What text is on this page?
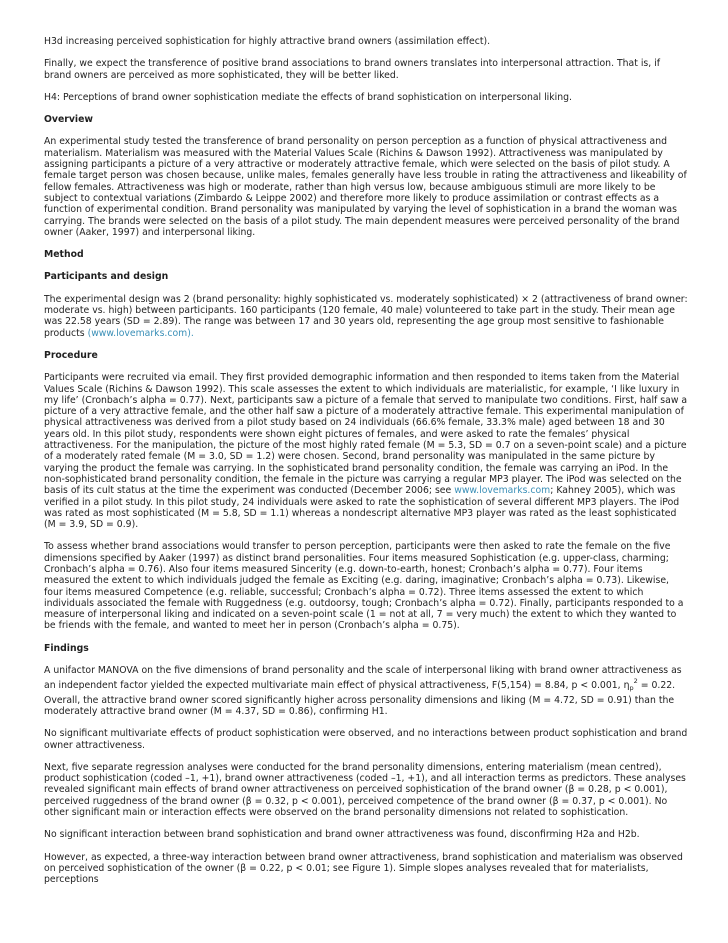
H3d increasing perceived sophistication for highly attractive brand owners (assimilation effect).

Finally, we expect the transference of positive brand associations to brand owners translates into interpersonal attraction. That is, if brand owners are perceived as more sophisticated, they will be better liked.

H4: Perceptions of brand owner sophistication mediate the effects of brand sophistication on interpersonal liking.

Overview

An experimental study tested the transference of brand personality on person perception as a function of physical attractiveness and materialism. Materialism was measured with the Material Values Scale (Richins & Dawson 1992). Attractiveness was manipulated by assigning participants a picture of a very attractive or moderately attractive female, which were selected on the basis of pilot study. A female target person was chosen because, unlike males, females generally have less trouble in rating the attractiveness and likeability of fellow females. Attractiveness was high or moderate, rather than high versus low, because ambiguous stimuli are more likely to be subject to contextual variations (Zimbardo & Leippe 2002) and therefore more likely to produce assimilation or contrast effects as a function of experimental condition. Brand personality was manipulated by varying the level of sophistication in a brand the woman was carrying. The brands were selected on the basis of a pilot study. The main dependent measures were perceived personality of the brand owner (Aaker, 1997) and interpersonal liking.

Method
Participants and design

The experimental design was 2 (brand personality: highly sophisticated vs. moderately sophisticated) × 2 (attractiveness of brand owner: moderate vs. high) between participants. 160 participants (120 female, 40 male) volunteered to take part in the study. Their mean age was 22.58 years (SD = 2.89). The range was between 17 and 30 years old, representing the age group most sensitive to fashionable products (www.lovemarks.com).

Procedure

Participants were recruited via email. They first provided demographic information and then responded to items taken from the Material Values Scale (Richins & Dawson 1992). This scale assesses the extent to which individuals are materialistic, for example, ‘I like luxury in my life’ (Cronbach’s alpha = 0.77). Next, participants saw a picture of a female that served to manipulate two conditions. First, half saw a picture of a very attractive female, and the other half saw a picture of a moderately attractive female. This experimental manipulation of physical attractiveness was derived from a pilot study based on 24 individuals (66.6% female, 33.3% male) aged between 18 and 30 years old. In this pilot study, respondents were shown eight pictures of females, and were asked to rate the females’ physical attractiveness. For the manipulation, the picture of the most highly rated female (M = 5.3, SD = 0.7 on a seven-point scale) and a picture of a moderately rated female (M = 3.0, SD = 1.2) were chosen. Second, brand personality was manipulated in the same picture by varying the product the female was carrying. In the sophisticated brand personality condition, the female was carrying an iPod. In the non-sophisticated brand personality condition, the female in the picture was carrying a regular MP3 player. The iPod was selected on the basis of its cult status at the time the experiment was conducted (December 2006; see www.lovemarks.com; Kahney 2005), which was verified in a pilot study. In this pilot study, 24 individuals were asked to rate the sophistication of several different MP3 players. The iPod was rated as most sophisticated (M = 5.8, SD = 1.1) whereas a nondescript alternative MP3 player was rated as the least sophisticated (M = 3.9, SD = 0.9).

To assess whether brand associations would transfer to person perception, participants were then asked to rate the female on the five dimensions specified by Aaker (1997) as distinct brand personalities. Four items measured Sophistication (e.g. upper-class, charming; Cronbach’s alpha = 0.76). Also four items measured Sincerity (e.g. down-to-earth, honest; Cronbach’s alpha = 0.77). Four items measured the extent to which individuals judged the female as Exciting (e.g. daring, imaginative; Cronbach’s alpha = 0.73). Likewise, four items measured Competence (e.g. reliable, successful; Cronbach’s alpha = 0.72). Three items assessed the extent to which individuals associated the female with Ruggedness (e.g. outdoorsy, tough; Cronbach’s alpha = 0.72). Finally, participants responded to a measure of interpersonal liking and indicated on a seven-point scale (1 = not at all, 7 = very much) the extent to which they wanted to be friends with the female, and wanted to meet her in person (Cronbach’s alpha = 0.75).

Findings

A unifactor MANOVA on the five dimensions of brand personality and the scale of interpersonal liking with brand owner attractiveness as an independent factor yielded the expected multivariate main effect of physical attractiveness, F(5,154) = 8.84, p < 0.001, $\eta_p^2 = 0.22$. Overall, the attractive brand owner scored significantly higher across personality dimensions and liking (M = 4.72, SD = 0.91) than the moderately attractive brand owner (M = 4.37, SD = 0.86), confirming H1.

No significant multivariate effects of product sophistication were observed, and no interactions between product sophistication and brand owner attractiveness.

Next, five separate regression analyses were conducted for the brand personality dimensions, entering materialism (mean centred), product sophistication (coded –1, +1), brand owner attractiveness (coded –1, +1), and all interaction terms as predictors. These analyses revealed significant main effects of brand owner attractiveness on perceived sophistication of the brand owner (β = 0.28, p < 0.001), perceived ruggedness of the brand owner (β = 0.32, p < 0.001), perceived competence of the brand owner (β = 0.37, p < 0.001). No other significant main or interaction effects were observed on the brand personality dimensions not related to sophistication.

No significant interaction between brand sophistication and brand owner attractiveness was found, disconfirming H2a and H2b.

However, as expected, a three-way interaction between brand owner attractiveness, brand sophistication and materialism was observed on perceived sophistication of the owner (β = 0.22, p < 0.01; see Figure 1). Simple slopes analyses revealed that for materialists, perceptions
